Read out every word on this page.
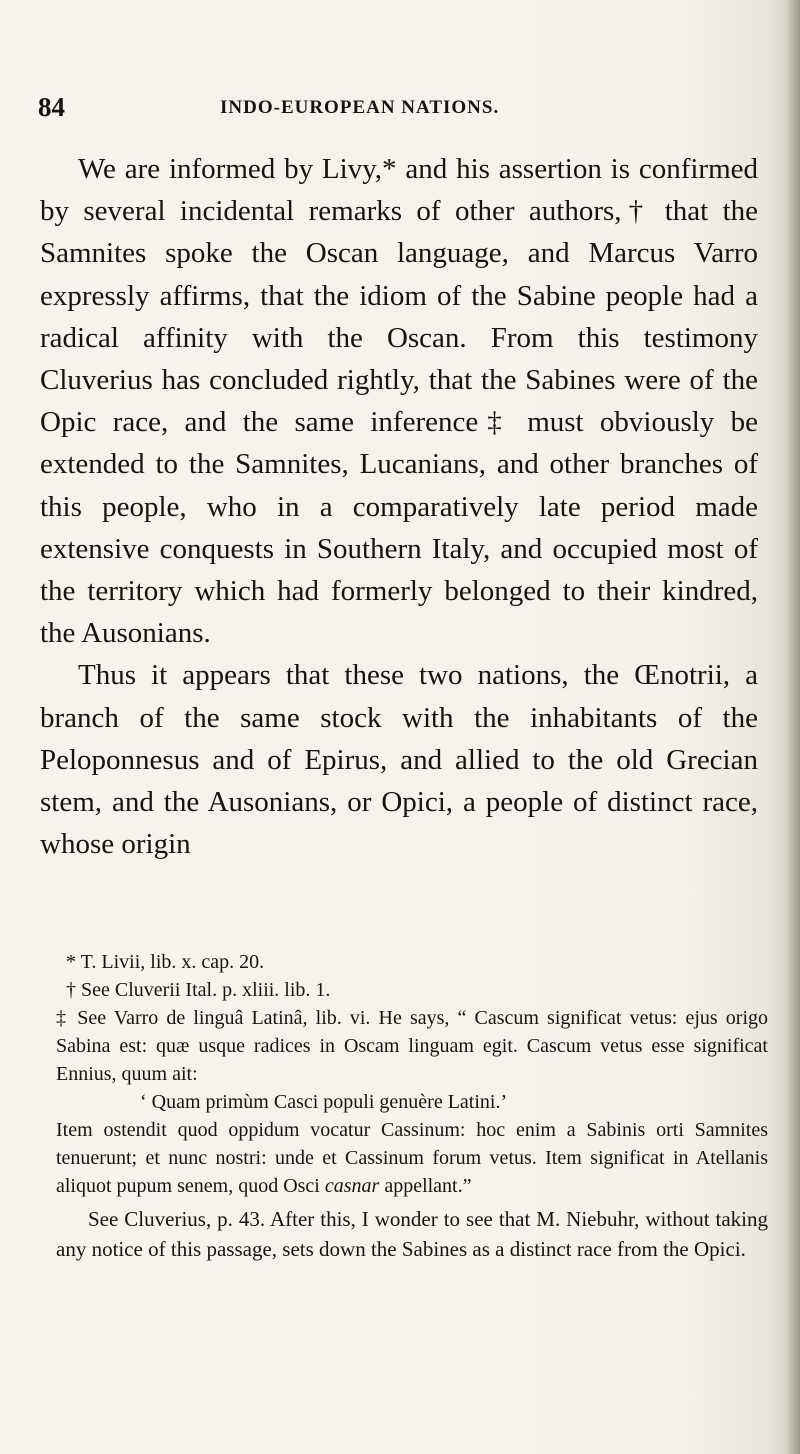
84	INDO-EUROPEAN NATIONS.

We are informed by Livy,* and his assertion is confirmed by several incidental remarks of other authors,† that the Samnites spoke the Oscan language, and Marcus Varro expressly affirms, that the idiom of the Sabine people had a radical affinity with the Oscan. From this testimony Cluverius has concluded rightly, that the Sabines were of the Opic race, and the same inference‡ must obviously be extended to the Samnites, Lucanians, and other branches of this people, who in a comparatively late period made extensive conquests in Southern Italy, and occupied most of the territory which had formerly belonged to their kindred, the Ausonians.

Thus it appears that these two nations, the Œnotrii, a branch of the same stock with the inhabitants of the Peloponnesus and of Epirus, and allied to the old Grecian stem, and the Ausonians, or Opici, a people of distinct race, whose origin

* T. Livii, lib. x. cap. 20.

† See Cluverii Ital. p. xliii. lib. 1.

‡ See Varro de linguâ Latinâ, lib. vi. He says, “ Cascum significat vetus: ejus origo Sabina est: quæ usque radices in Oscam linguam egit. Cascum vetus esse significat Ennius, quum ait:

‘ Quam primùm Casci populi genuère Latini.’

Item ostendit quod oppidum vocatur Cassinum: hoc enim a Sabinis orti Samnites tenuerunt; et nunc nostri: unde et Cassinum forum vetus. Item significat in Atellanis aliquot pupum senem, quod Osci casnar appellant.”

See Cluverius, p. 43. After this, I wonder to see that M. Niebuhr, without taking any notice of this passage, sets down the Sabines as a distinct race from the Opici.
